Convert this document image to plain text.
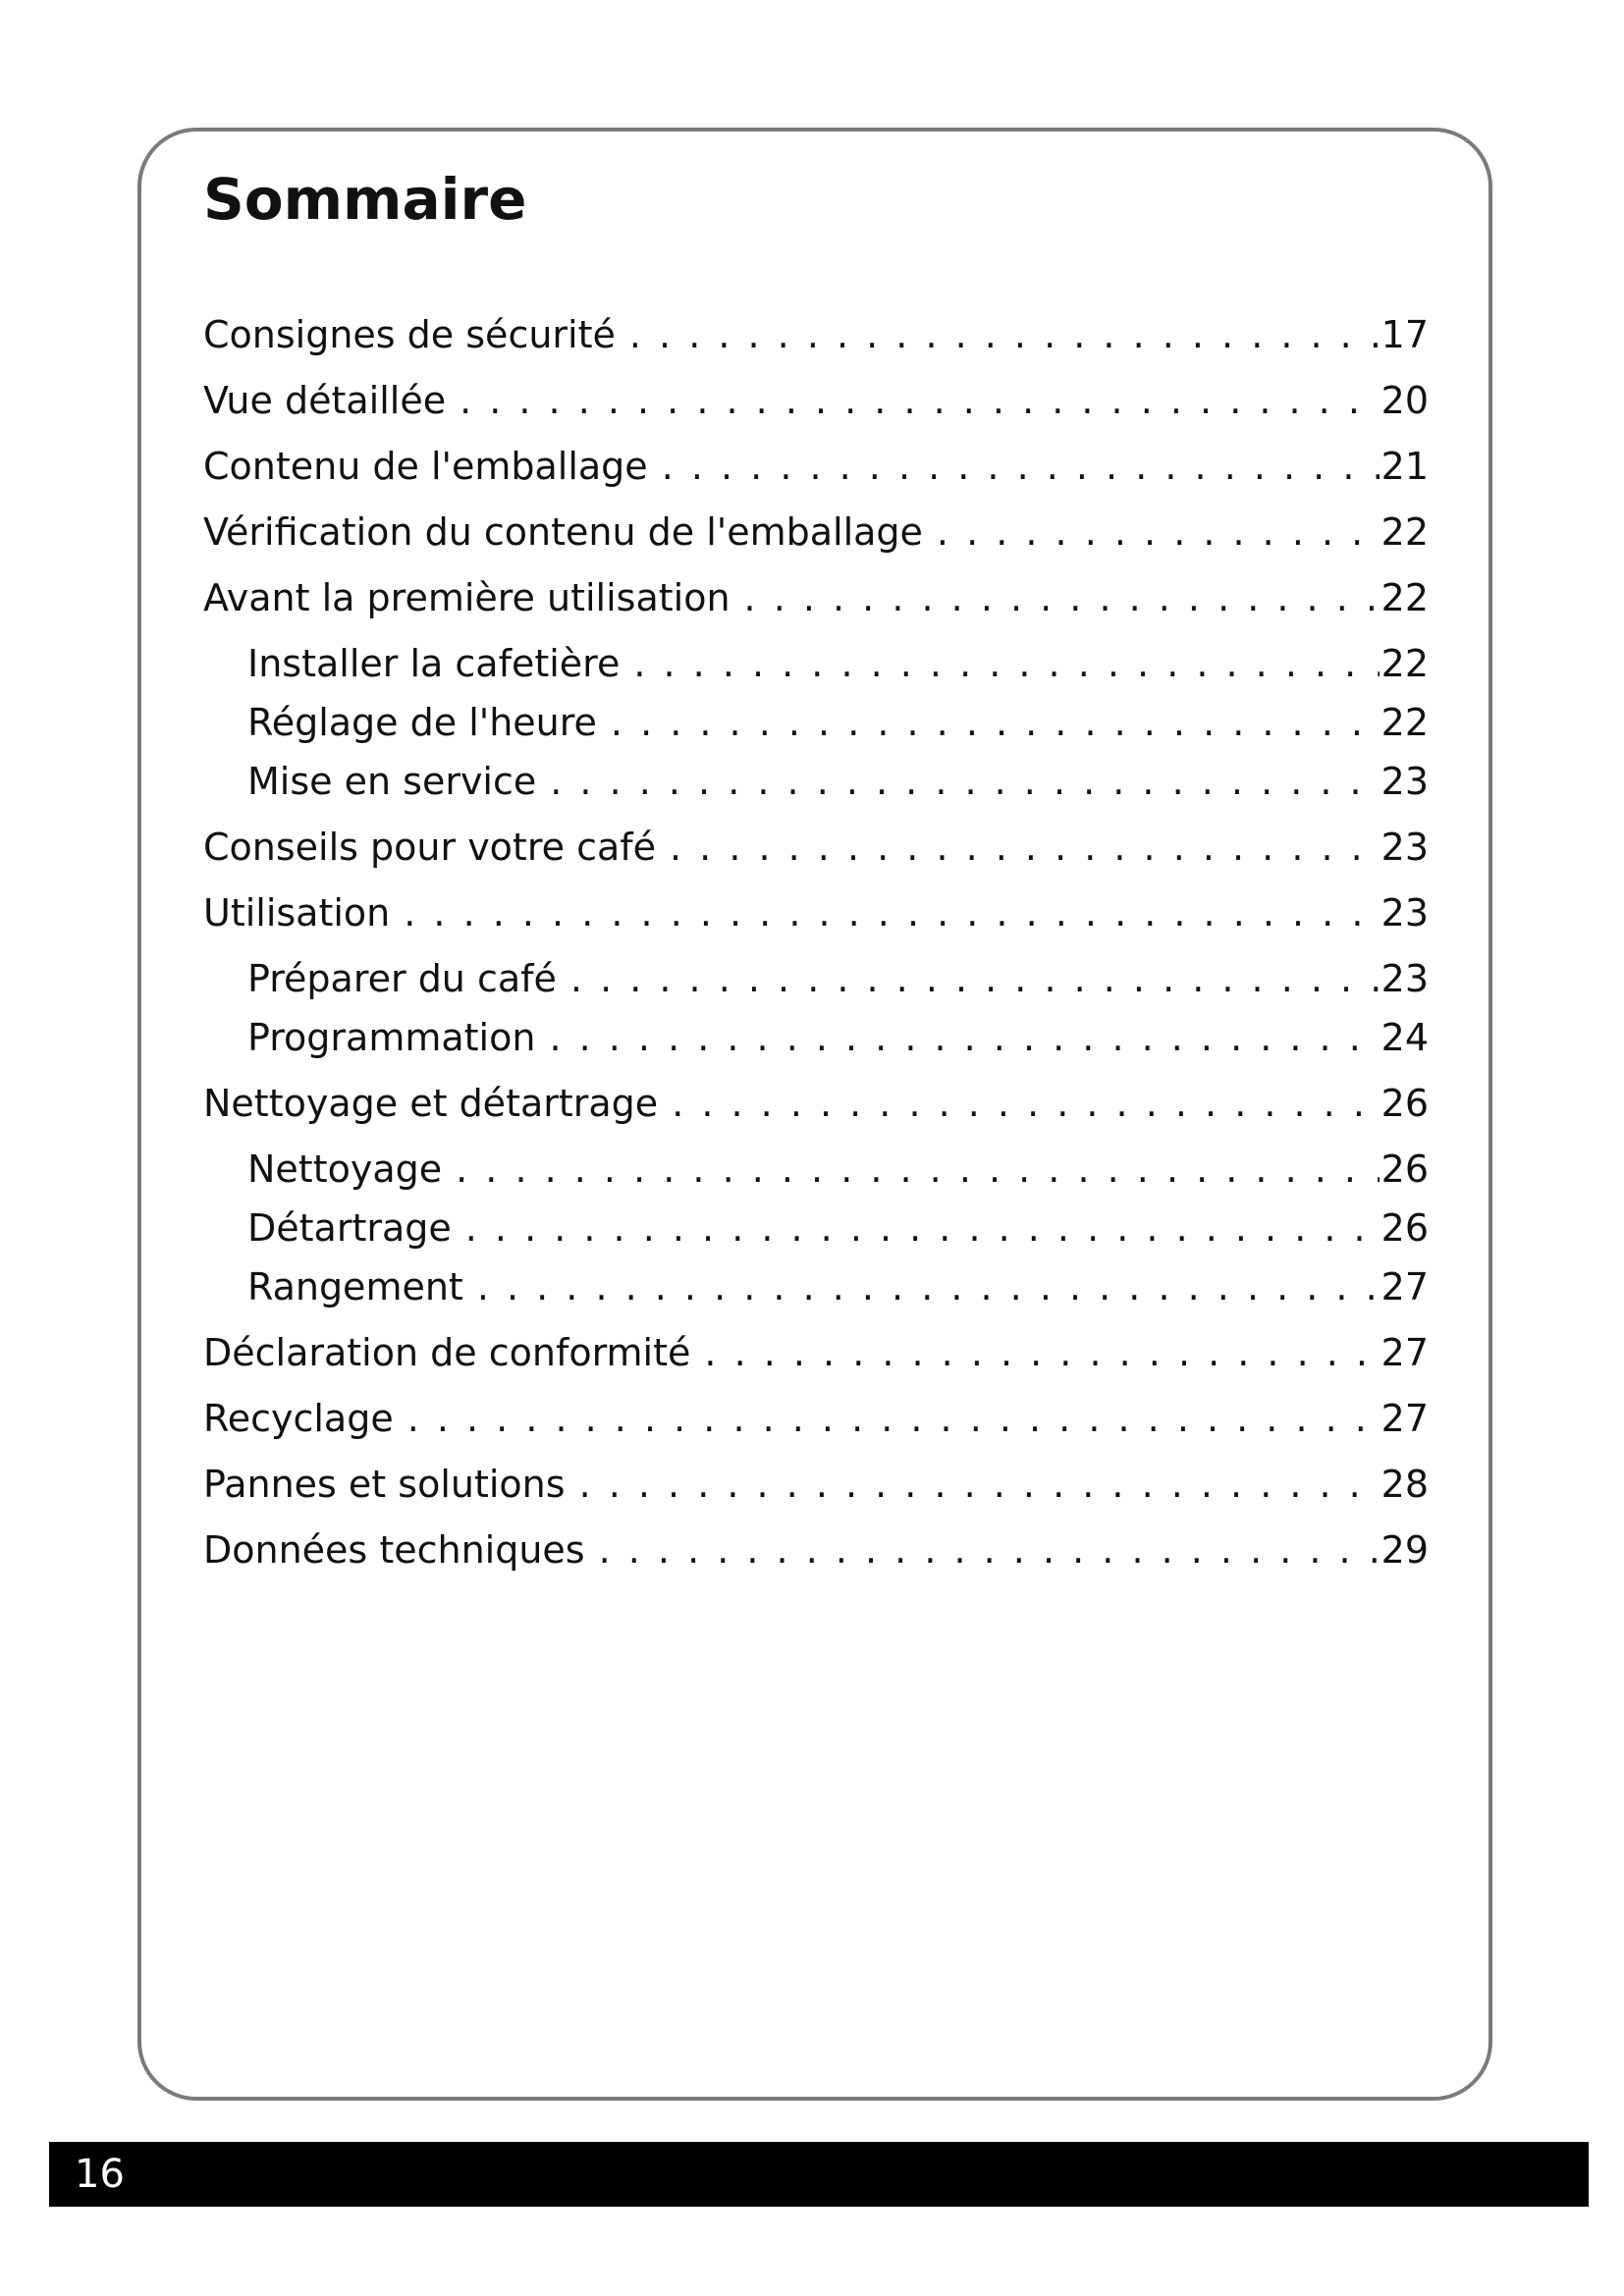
Sommaire
Consignes de sécurité . . .	17
Vue détaillée . . .	20
Contenu de l'emballage . . .	21
Vérification du contenu de l'emballage . . .	22
Avant la première utilisation . . .	22
Installer la cafetière . . .	22
Réglage de l'heure . . .	22
Mise en service . . .	23
Conseils pour votre café . . .	23
Utilisation . . .	23
Préparer du café . . .	23
Programmation . . .	24
Nettoyage et détartrage . . .	26
Nettoyage . . .	26
Détartrage . . .	26
Rangement . . .	27
Déclaration de conformité . . .	27
Recyclage . . .	27
Pannes et solutions . . .	28
Données techniques . . .	29
16
